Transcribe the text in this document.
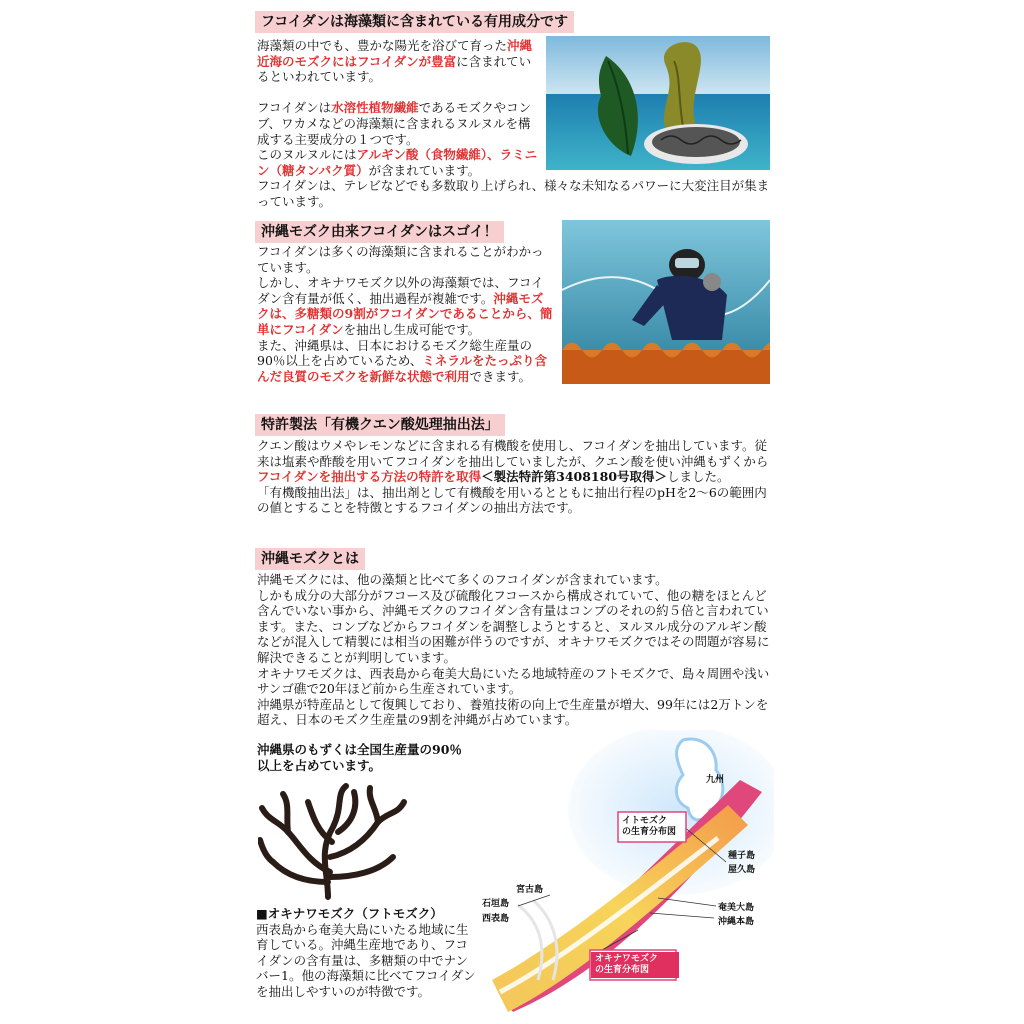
フコイダンは海藻類に含まれている有用成分です

海藻類の中でも、豊かな陽光を浴びて育った沖縄近海のモズクにはフコイダンが豊富に含まれているといわれています。

フコイダンは水溶性植物繊維であるモズクやコンブ、ワカメなどの海藻類に含まれるヌルヌルを構成する主要成分の１つです。

このヌルヌルにはアルギン酸（食物繊維）、ラミニン（糖タンパク質）が含まれています。

フコイダンは、テレビなどでも多数取り上げられ、様々な未知なるパワーに大変注目が集まっています。

沖縄モズク由来フコイダンはスゴイ！

フコイダンは多くの海藻類に含まれることがわかっています。

しかし、オキナワモズク以外の海藻類では、フコイダン含有量が低く、抽出過程が複雑です。沖縄モズクは、多糖類の9割がフコイダンであることから、簡単にフコイダンを抽出し生成可能です。

また、沖縄県は、日本におけるモズク総生産量の90％以上を占めているため、ミネラルをたっぷり含んだ良質のモズクを新鮮な状態で利用できます。

特許製法「有機クエン酸処理抽出法」

クエン酸はウメやレモンなどに含まれる有機酸を使用し、フコイダンを抽出しています。従来は塩素や酢酸を用いてフコイダンを抽出していましたが、クエン酸を使い沖縄もずくからフコイダンを抽出する方法の特許を取得＜製法特許第3408180号取得＞しました。

「有機酸抽出法」は、抽出剤として有機酸を用いるとともに抽出行程のpHを2～6の範囲内の値とすることを特徴とするフコイダンの抽出方法です。

沖縄モズクとは

沖縄モズクには、他の藻類と比べて多くのフコイダンが含まれています。

しかも成分の大部分がフコース及び硫酸化フコースから構成されていて、他の糖をほとんど含んでいない事から、沖縄モズクのフコイダン含有量はコンブのそれの約５倍と言われています。また、コンブなどからフコイダンを調整しようとすると、ヌルヌル成分のアルギン酸などが混入して精製には相当の困難が伴うのですが、オキナワモズクではその問題が容易に解決できることが判明しています。

オキナワモズクは、西表島から奄美大島にいたる地域特産のフトモズクで、島々周囲や浅いサンゴ礁で20年ほど前から生産されています。

沖縄県が特産品として復興しており、養殖技術の向上で生産量が増大、99年には2万トンを超え、日本のモズク生産量の9割を沖縄が占めています。

沖縄県のもずくは全国生産量の90％

以上を占めています。

■オキナワモズク（フトモズク）

西表島から奄美大島にいたる地域に生育している。沖縄生産地であり、フコイダンの含有量は、多糖類の中でナンバー1。他の海藻類に比べてフコイダンを抽出しやすいのが特徴です。

九州
イトモズク
の生育分布図
種子島
屋久島
宮古島
石垣島
西表島
奄美大島
沖縄本島
オキナワモズク
の生育分布図
